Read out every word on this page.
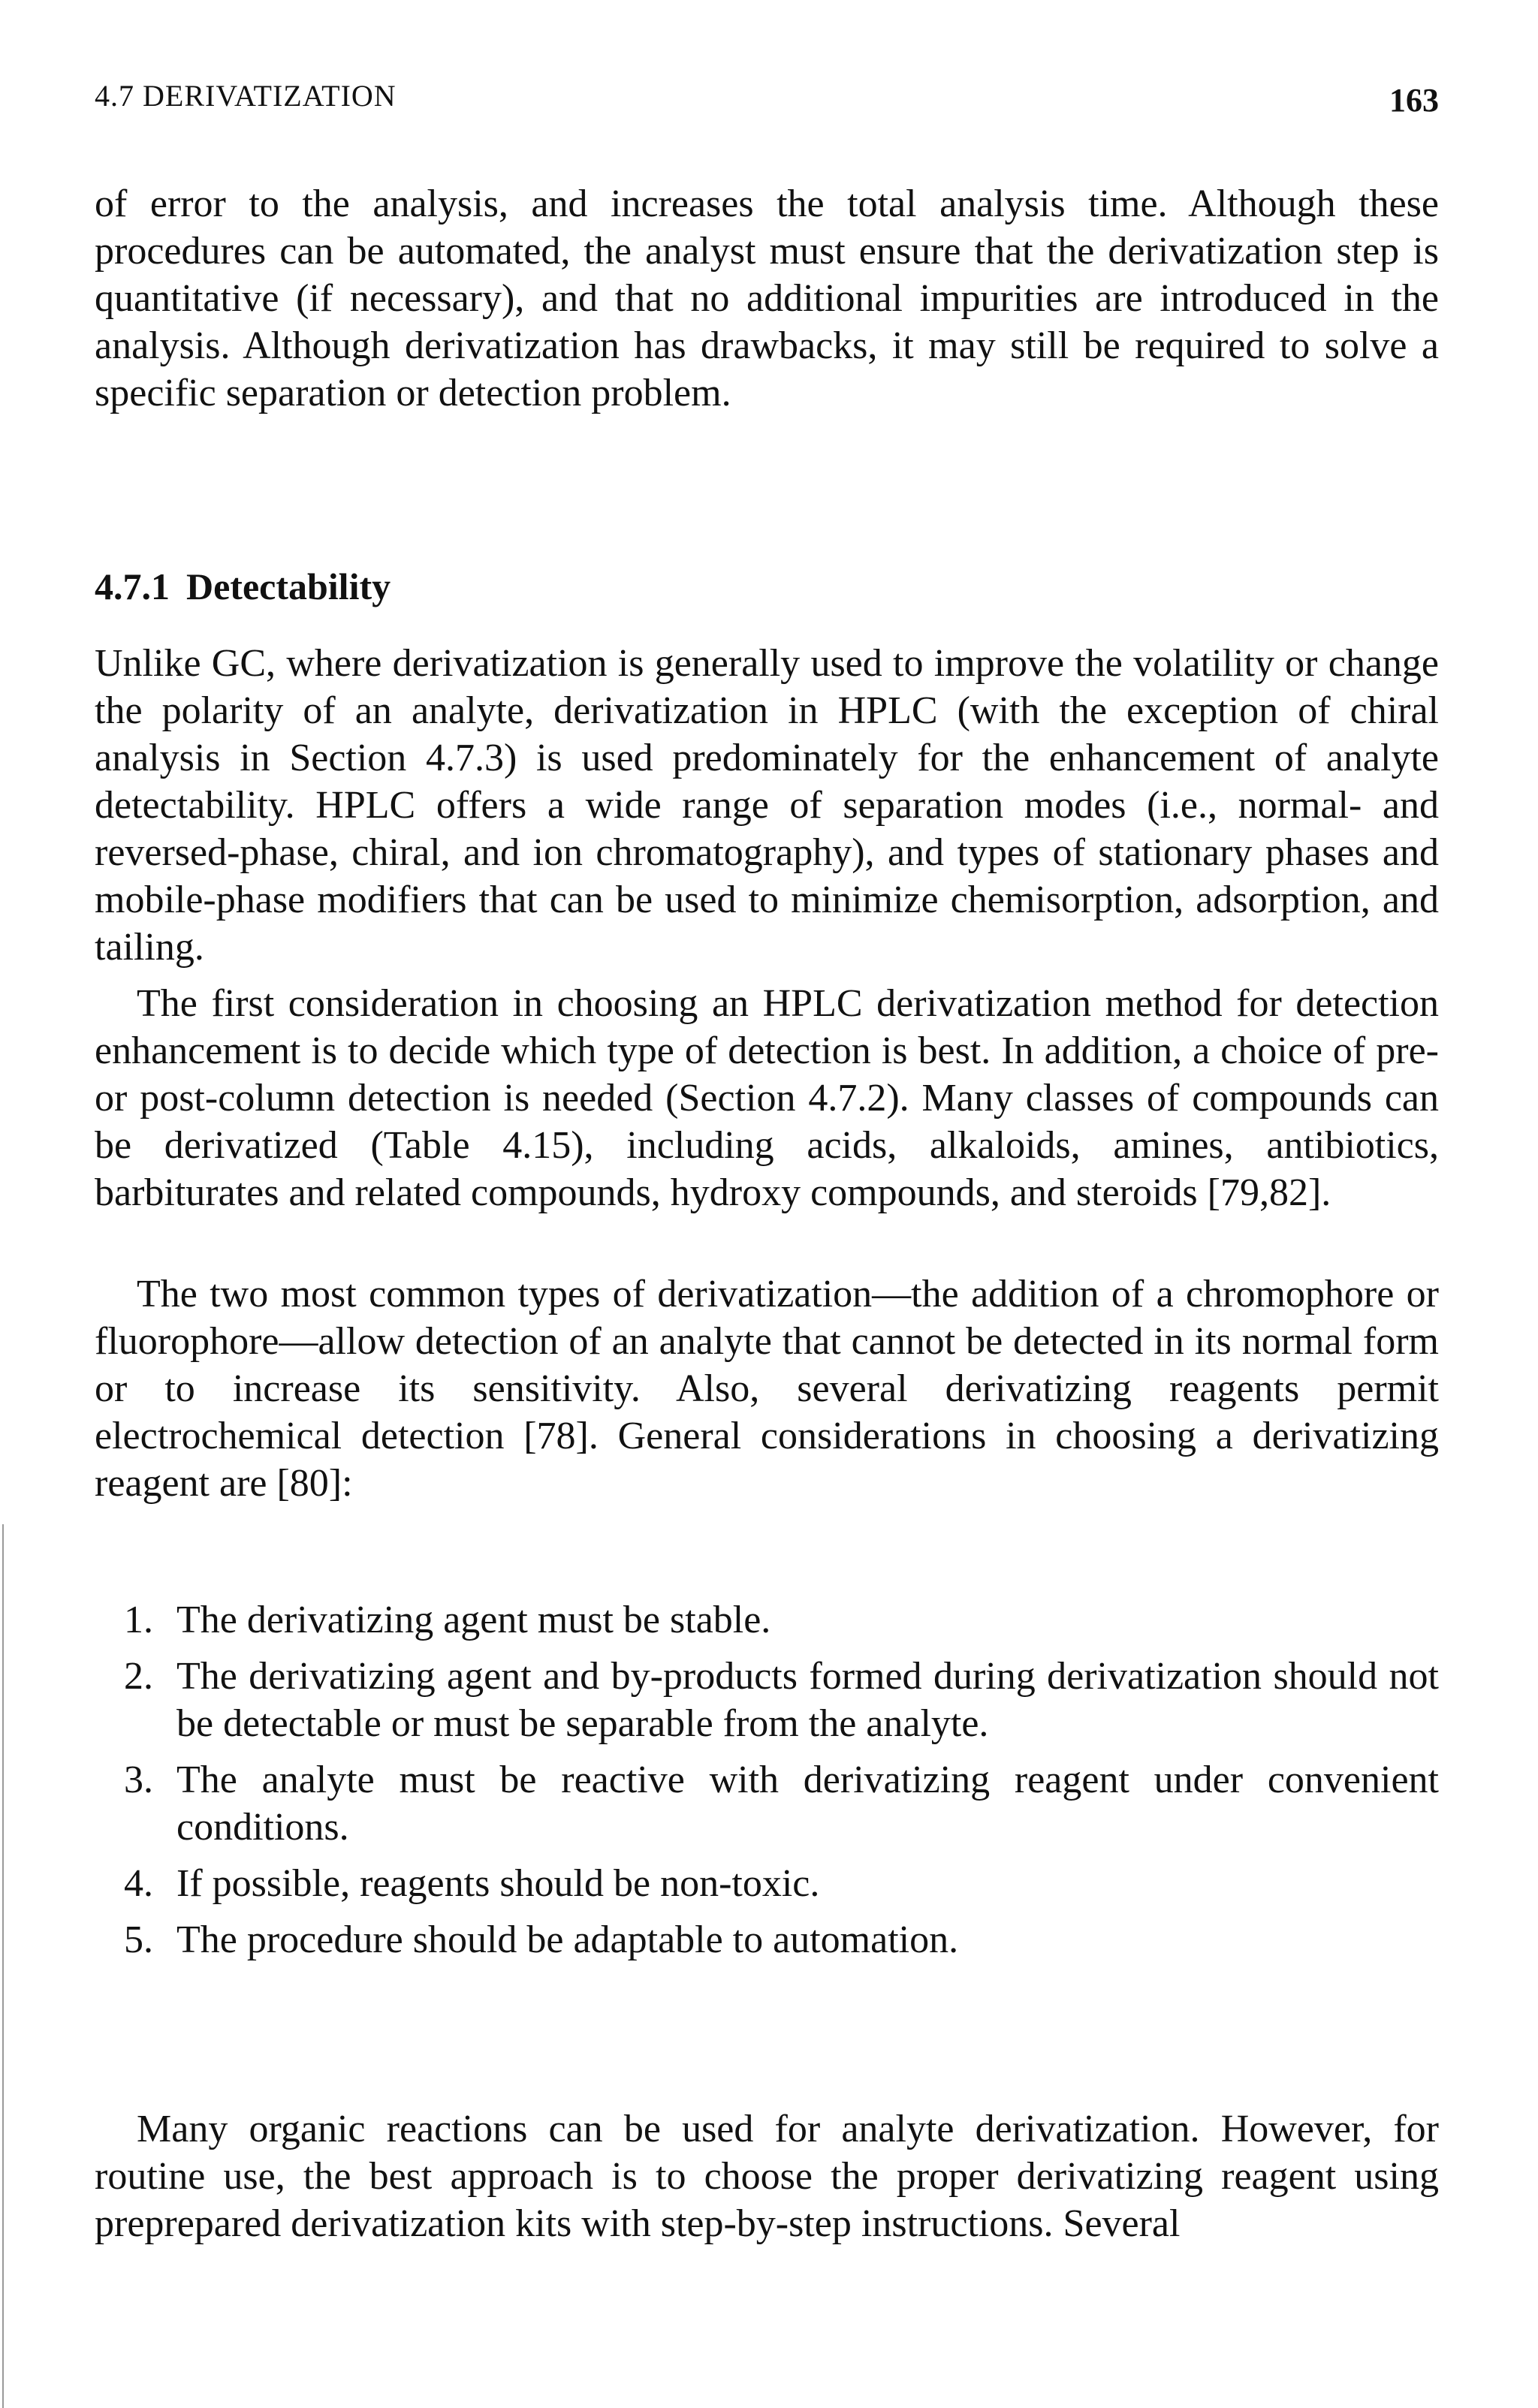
4.7 DERIVATIZATION	163

of error to the analysis, and increases the total analysis time. Although these procedures can be automated, the analyst must ensure that the derivatization step is quantitative (if necessary), and that no additional impurities are introduced in the analysis. Although derivatization has drawbacks, it may still be required to solve a specific separation or detection problem.

4.7.1 Detectability

Unlike GC, where derivatization is generally used to improve the volatility or change the polarity of an analyte, derivatization in HPLC (with the exception of chiral analysis in Section 4.7.3) is used predominately for the enhancement of analyte detectability. HPLC offers a wide range of separation modes (i.e., normal- and reversed-phase, chiral, and ion chromatography), and types of stationary phases and mobile-phase modifiers that can be used to minimize chemisorption, adsorption, and tailing.

The first consideration in choosing an HPLC derivatization method for detection enhancement is to decide which type of detection is best. In addition, a choice of pre- or post-column detection is needed (Section 4.7.2). Many classes of compounds can be derivatized (Table 4.15), including acids, alkaloids, amines, antibiotics, barbiturates and related compounds, hydroxy compounds, and steroids [79,82].

The two most common types of derivatization—the addition of a chromophore or fluorophore—allow detection of an analyte that cannot be detected in its normal form or to increase its sensitivity. Also, several derivatizing reagents permit electrochemical detection [78]. General considerations in choosing a derivatizing reagent are [80]:

1. The derivatizing agent must be stable.
2. The derivatizing agent and by-products formed during derivatization should not be detectable or must be separable from the analyte.
3. The analyte must be reactive with derivatizing reagent under convenient conditions.
4. If possible, reagents should be non-toxic.
5. The procedure should be adaptable to automation.

Many organic reactions can be used for analyte derivatization. However, for routine use, the best approach is to choose the proper derivatizing reagent using preprepared derivatization kits with step-by-step instructions. Several
